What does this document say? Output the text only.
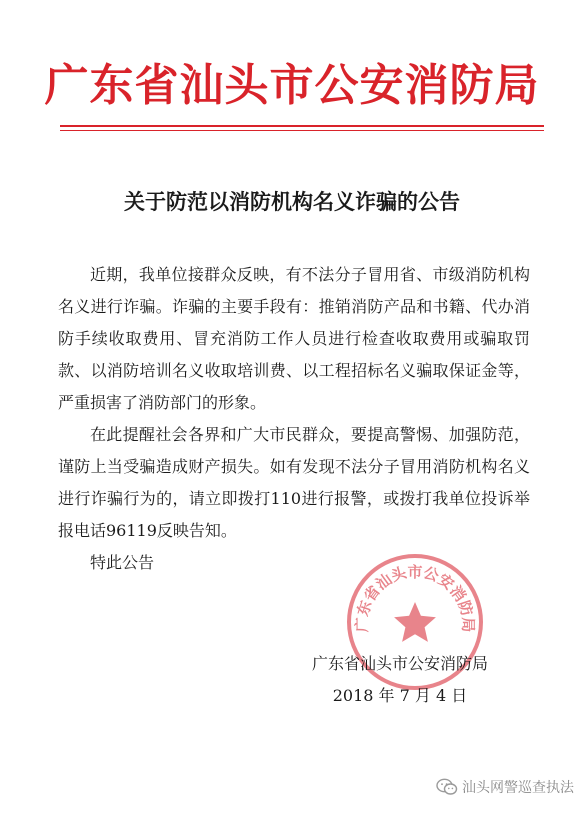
广东省汕头市公安消防局
关于防范以消防机构名义诈骗的公告

近期，我单位接群众反映，有不法分子冒用省、市级消防机构名义进行诈骗。诈骗的主要手段有：推销消防产品和书籍、代办消防手续收取费用、冒充消防工作人员进行检查收取费用或骗取罚款、以消防培训名义收取培训费、以工程招标名义骗取保证金等，严重损害了消防部门的形象。

在此提醒社会各界和广大市民群众，要提高警惕、加强防范，谨防上当受骗造成财产损失。如有发现不法分子冒用消防机构名义进行诈骗行为的，请立即拨打110进行报警，或拨打我单位投诉举报电话96119反映告知。

特此公告

广东省汕头市公安消防局
广东省汕头市公安消防局
2018 年 7 月 4 日
汕头网警巡查执法
